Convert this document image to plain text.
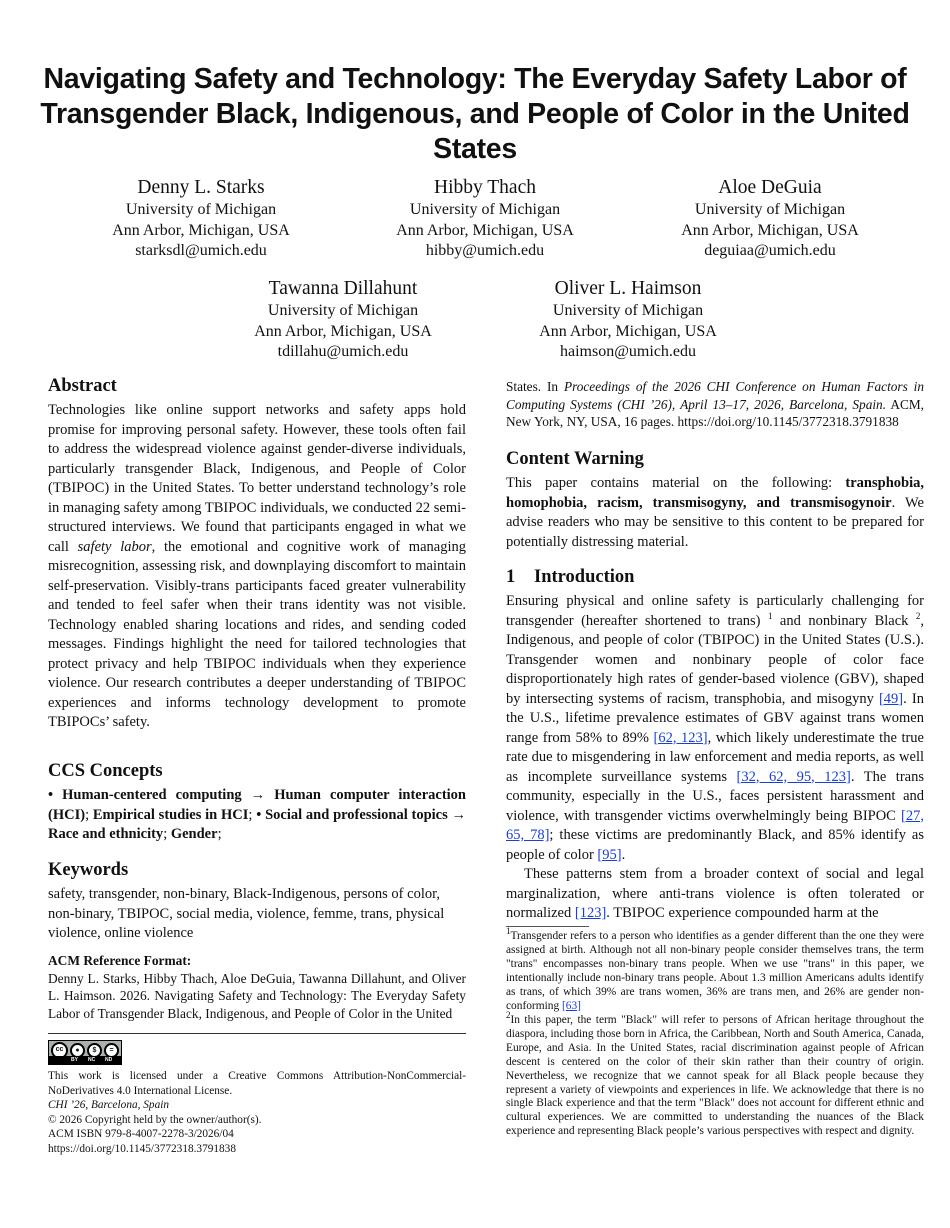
Navigating Safety and Technology: The Everyday Safety Labor of Transgender Black, Indigenous, and People of Color in the United States
Denny L. Starks
University of Michigan
Ann Arbor, Michigan, USA
starksdl@umich.edu
Hibby Thach
University of Michigan
Ann Arbor, Michigan, USA
hibby@umich.edu
Aloe DeGuia
University of Michigan
Ann Arbor, Michigan, USA
deguiaa@umich.edu
Tawanna Dillahunt
University of Michigan
Ann Arbor, Michigan, USA
tdillahu@umich.edu
Oliver L. Haimson
University of Michigan
Ann Arbor, Michigan, USA
haimson@umich.edu
Abstract

Technologies like online support networks and safety apps hold promise for improving personal safety. However, these tools often fail to address the widespread violence against gender-diverse individuals, particularly transgender Black, Indigenous, and People of Color (TBIPOC) in the United States. To better understand technology’s role in managing safety among TBIPOC individuals, we conducted 22 semi-structured interviews. We found that participants engaged in what we call safety labor, the emotional and cognitive work of managing misrecognition, assessing risk, and downplaying discomfort to maintain self-preservation. Visibly-trans participants faced greater vulnerability and tended to feel safer when their trans identity was not visible. Technology enabled sharing locations and rides, and sending coded messages. Findings highlight the need for tailored technologies that protect privacy and help TBIPOC individuals when they experience violence. Our research contributes a deeper understanding of TBIPOC experiences and informs technology development to promote TBIPOCs’ safety.

CCS Concepts

• Human-centered computing → Human computer interaction (HCI); Empirical studies in HCI; • Social and professional topics → Race and ethnicity; Gender;

Keywords

safety, transgender, non-binary, Black-Indigenous, persons of color, non-binary, TBIPOC, social media, violence, femme, trans, physical violence, online violence

ACM Reference Format:
Denny L. Starks, Hibby Thach, Aloe DeGuia, Tawanna Dillahunt, and Oliver L. Haimson. 2026. Navigating Safety and Technology: The Everyday Safety Labor of Transgender Black, Indigenous, and People of Color in the United
cc	●	$	=
BY NC ND
This work is licensed under a Creative Commons Attribution-NonCommercial-NoDerivatives 4.0 International License.
CHI ’26, Barcelona, Spain
© 2026 Copyright held by the owner/author(s).
ACM ISBN 979-8-4007-2278-3/2026/04
https://doi.org/10.1145/3772318.3791838
States. In Proceedings of the 2026 CHI Conference on Human Factors in Computing Systems (CHI ’26), April 13–17, 2026, Barcelona, Spain. ACM, New York, NY, USA, 16 pages. https://doi.org/10.1145/3772318.3791838
Content Warning

This paper contains material on the following: transphobia, homophobia, racism, transmisogyny, and transmisogynoir. We advise readers who may be sensitive to this content to be prepared for potentially distressing material.

1 Introduction

Ensuring physical and online safety is particularly challenging for transgender (hereafter shortened to trans) $^1$ and nonbinary Black $^2$, Indigenous, and people of color (TBIPOC) in the United States (U.S.). Transgender women and nonbinary people of color face disproportionately high rates of gender-based violence (GBV), shaped by intersecting systems of racism, transphobia, and misogyny [49]. In the U.S., lifetime prevalence estimates of GBV against trans women range from 58% to 89% [62, 123], which likely underestimate the true rate due to misgendering in law enforcement and media reports, as well as incomplete surveillance systems [32, 62, 95, 123]. The trans community, especially in the U.S., faces persistent harassment and violence, with transgender victims overwhelmingly being BIPOC [27, 65, 78]; these victims are predominantly Black, and 85% identify as people of color [95].

These patterns stem from a broader context of social and legal marginalization, where anti-trans violence is often tolerated or normalized [123]. TBIPOC experience compounded harm at the

$^1$Transgender refers to a person who identifies as a gender different than the one they were assigned at birth. Although not all non-binary people consider themselves trans, the term "trans" encompasses non-binary trans people. When we use "trans" in this paper, we intentionally include non-binary trans people. About 1.3 million Americans adults identify as trans, of which 39% are trans women, 36% are trans men, and 26% are gender non-conforming [63]
$^2$In this paper, the term "Black" will refer to persons of African heritage throughout the diaspora, including those born in Africa, the Caribbean, North and South America, Canada, Europe, and Asia. In the United States, racial discrimination against people of African descent is centered on the color of their skin rather than their country of origin. Nevertheless, we recognize that we cannot speak for all Black people because they represent a variety of viewpoints and experiences in life. We acknowledge that there is no single Black experience and that the term "Black" does not account for different ethnic and cultural experiences. We are committed to understanding the nuances of the Black experience and representing Black people’s various perspectives with respect and dignity.
